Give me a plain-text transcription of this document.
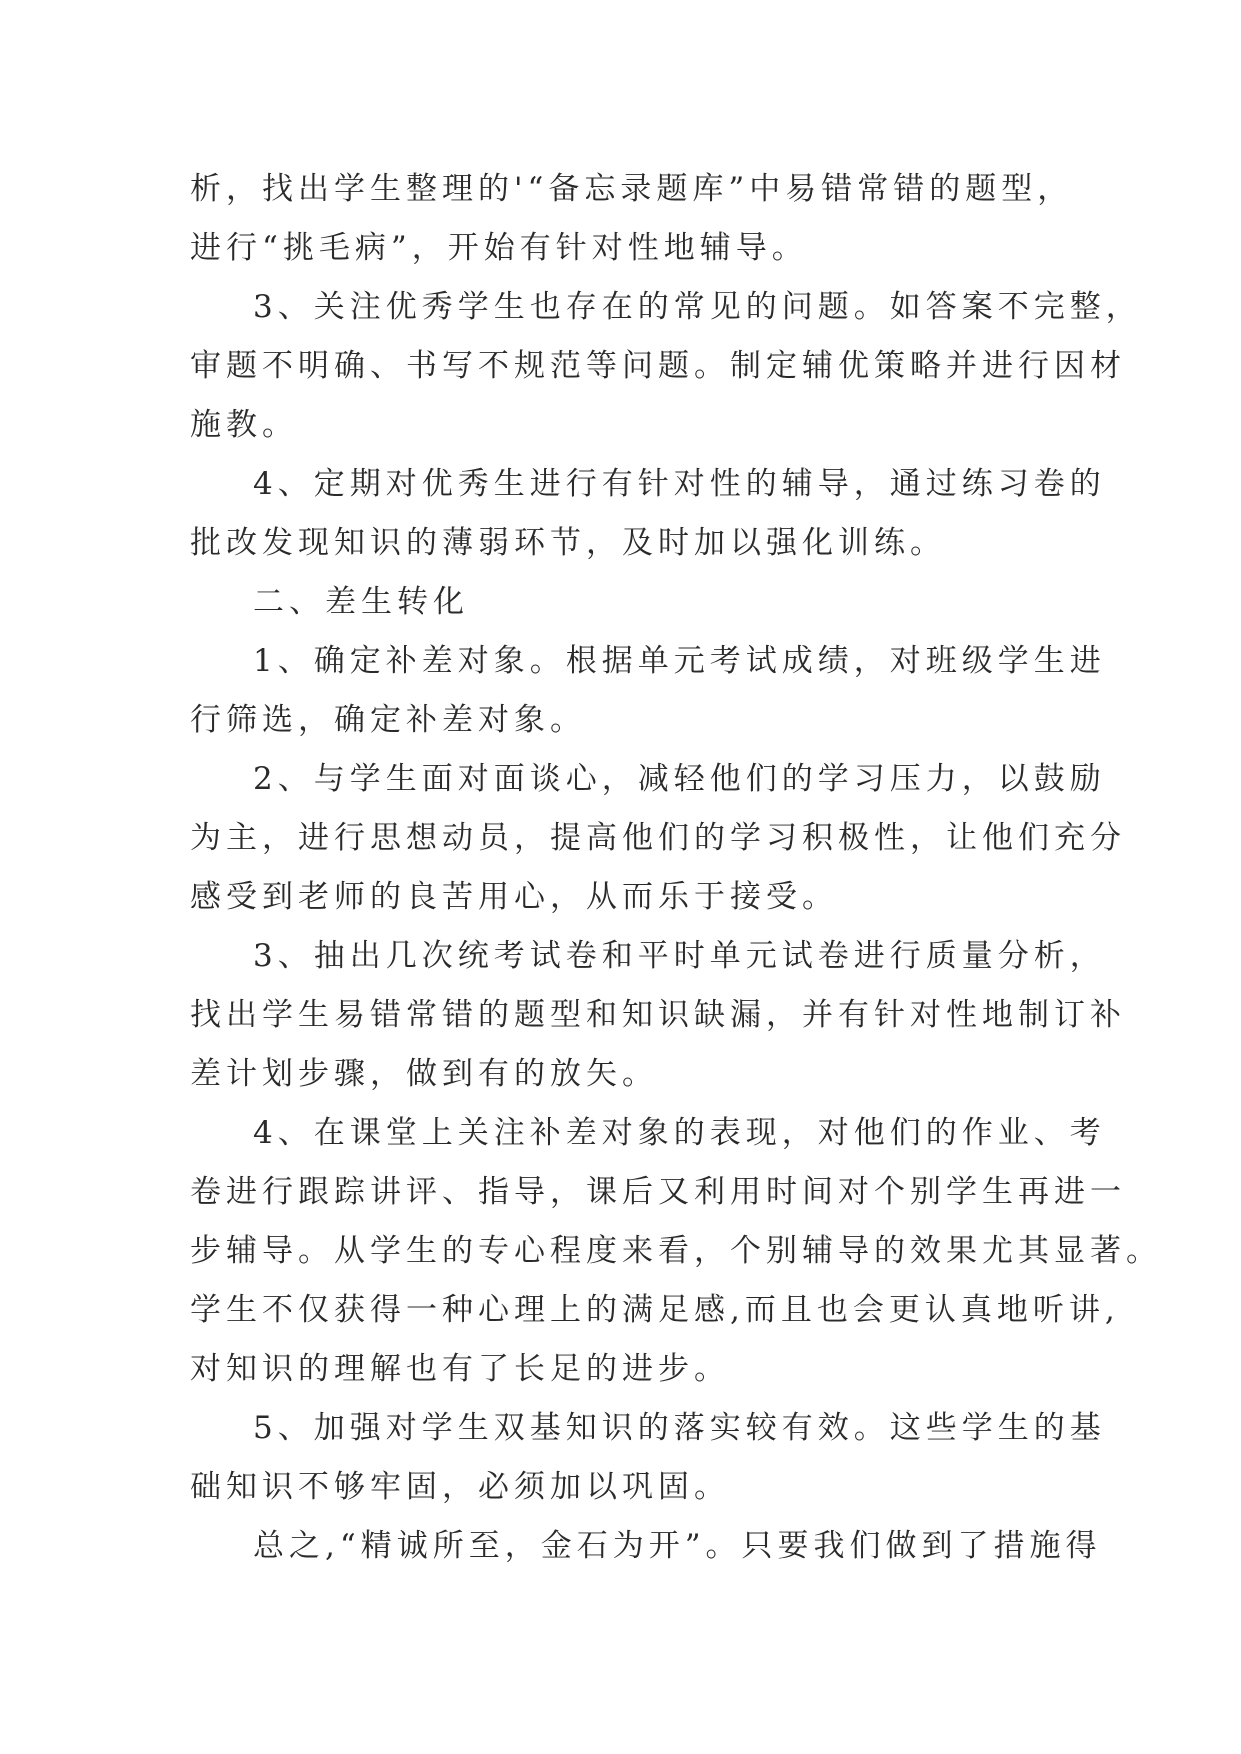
析，找出学生整理的'“备忘录题库”中易错常错的题型，
进行“挑毛病”，开始有针对性地辅导。
3、关注优秀学生也存在的常见的问题。如答案不完整，
审题不明确、书写不规范等问题。制定辅优策略并进行因材
施教。
4、定期对优秀生进行有针对性的辅导，通过练习卷的
批改发现知识的薄弱环节，及时加以强化训练。
二、差生转化
1、确定补差对象。根据单元考试成绩，对班级学生进
行筛选，确定补差对象。
2、与学生面对面谈心，减轻他们的学习压力，以鼓励
为主，进行思想动员，提高他们的学习积极性，让他们充分
感受到老师的良苦用心，从而乐于接受。
3、抽出几次统考试卷和平时单元试卷进行质量分析，
找出学生易错常错的题型和知识缺漏，并有针对性地制订补
差计划步骤，做到有的放矢。
4、在课堂上关注补差对象的表现，对他们的作业、考
卷进行跟踪讲评、指导，课后又利用时间对个别学生再进一
步辅导。从学生的专心程度来看，个别辅导的效果尤其显著。
学生不仅获得一种心理上的满足感,而且也会更认真地听讲,
对知识的理解也有了长足的进步。
5、加强对学生双基知识的落实较有效。这些学生的基
础知识不够牢固，必须加以巩固。
总之,“精诚所至，金石为开”。只要我们做到了措施得
